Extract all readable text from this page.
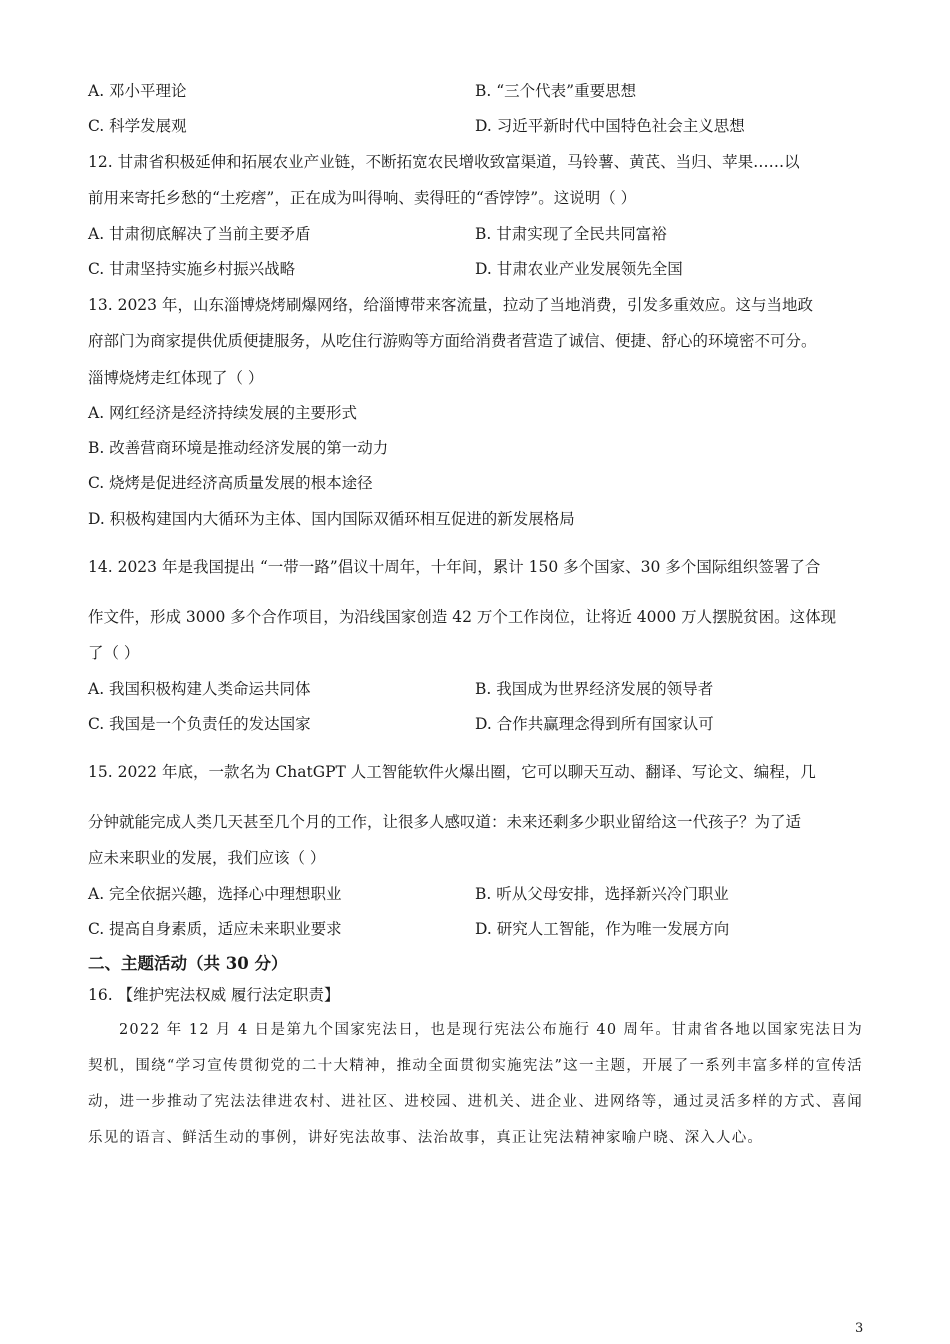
A. 邓小平理论	B. “三个代表”重要思想
C. 科学发展观	D. 习近平新时代中国特色社会主义思想
12. 甘肃省积极延伸和拓展农业产业链，不断拓宽农民增收致富渠道，马铃薯、黄芪、当归、苹果……以
前用来寄托乡愁的“土疙瘩”，正在成为叫得响、卖得旺的“香饽饽”。这说明（ ）
A. 甘肃彻底解决了当前主要矛盾	B. 甘肃实现了全民共同富裕
C. 甘肃坚持实施乡村振兴战略	D. 甘肃农业产业发展领先全国
13. 2023 年，山东淄博烧烤刷爆网络，给淄博带来客流量，拉动了当地消费，引发多重效应。这与当地政
府部门为商家提供优质便捷服务，从吃住行游购等方面给消费者营造了诚信、便捷、舒心的环境密不可分。
淄博烧烤走红体现了（ ）
A. 网红经济是经济持续发展的主要形式
B. 改善营商环境是推动经济发展的第一动力
C. 烧烤是促进经济高质量发展的根本途径
D. 积极构建国内大循环为主体、国内国际双循环相互促进的新发展格局
14. 2023 年是我国提出 “一带一路”倡议十周年，十年间，累计 150 多个国家、30 多个国际组织签署了合
作文件，形成 3000 多个合作项目，为沿线国家创造 42 万个工作岗位，让将近 4000 万人摆脱贫困。这体现
了（ ）
A. 我国积极构建人类命运共同体	B. 我国成为世界经济发展的领导者
C. 我国是一个负责任的发达国家	D. 合作共赢理念得到所有国家认可
15. 2022 年底，一款名为 ChatGPT 人工智能软件火爆出圈，它可以聊天互动、翻译、写论文、编程，几
分钟就能完成人类几天甚至几个月的工作，让很多人感叹道：未来还剩多少职业留给这一代孩子？为了适
应未来职业的发展，我们应该（ ）
A. 完全依据兴趣，选择心中理想职业	B. 听从父母安排，选择新兴冷门职业
C. 提高自身素质，适应未来职业要求	D. 研究人工智能，作为唯一发展方向
二、主题活动（共 30 分）
16. 【维护宪法权威 履行法定职责】
2022 年 12 月 4 日是第九个国家宪法日，也是现行宪法公布施行 40 周年。甘肃省各地以国家宪法日为契机，围绕“学习宣传贯彻党的二十大精神，推动全面贯彻实施宪法”这一主题，开展了一系列丰富多样的宣传活动，进一步推动了宪法法律进农村、进社区、进校园、进机关、进企业、进网络等，通过灵活多样的方式、喜闻乐见的语言、鲜活生动的事例，讲好宪法故事、法治故事，真正让宪法精神家喻户晓、深入人心。
3
